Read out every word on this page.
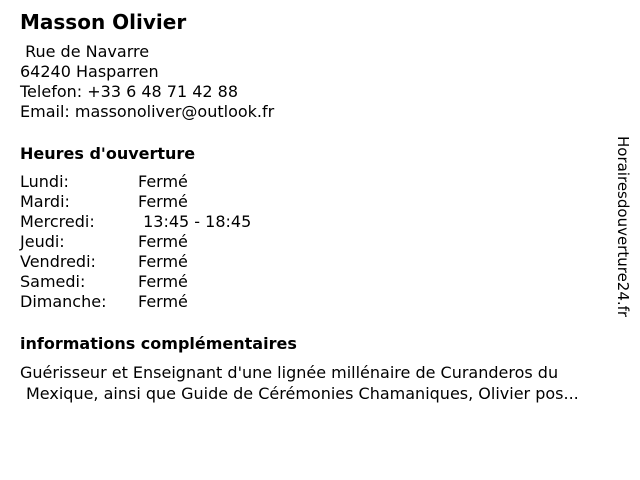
Masson Olivier
Rue de Navarre
64240 Hasparren
Telefon: +33 6 48 71 42 88
Email: massonoliver@outlook.fr
Heures d'ouverture
Lundi:	Fermé
Mardi:	Fermé
Mercredi:	13:45 - 18:45
Jeudi:	Fermé
Vendredi:	Fermé
Samedi:	Fermé
Dimanche:	Fermé
informations complémentaires
Guérisseur et Enseignant d'une lignée millénaire de Curanderos du
Mexique, ainsi que Guide de Cérémonies Chamaniques, Olivier pos...
Horairesdouverture24.fr
